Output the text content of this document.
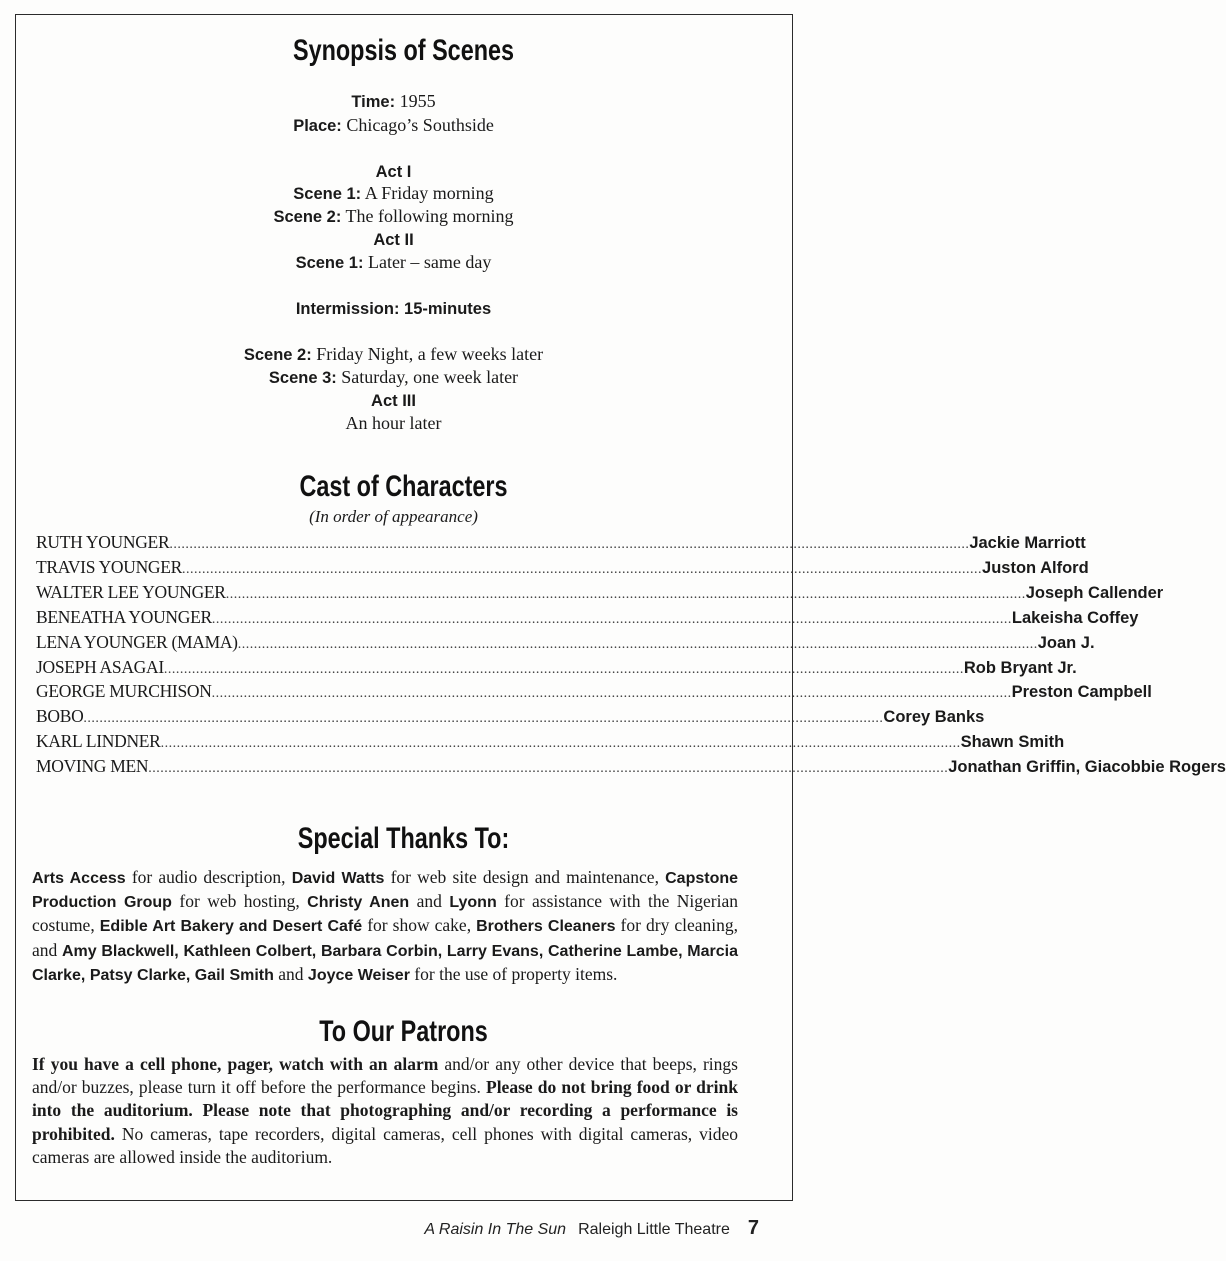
Synopsis of Scenes
Time: 1955
Place: Chicago’s Southside
Act I
Scene 1: A Friday morning
Scene 2: The following morning
Act II
Scene 1: Later – same day
Intermission: 15-minutes
Scene 2: Friday Night, a few weeks later
Scene 3: Saturday, one week later
Act III
An hour later
Cast of Characters
(In order of appearance)
RUTH YOUNGER ........................................................................................................................................................................................................ Jackie Marriott
TRAVIS YOUNGER ........................................................................................................................................................................................................ Juston Alford
WALTER LEE YOUNGER ........................................................................................................................................................................................................ Joseph Callender
BENEATHA YOUNGER ........................................................................................................................................................................................................ Lakeisha Coffey
LENA YOUNGER (MAMA) ........................................................................................................................................................................................................ Joan J.
JOSEPH ASAGAI ........................................................................................................................................................................................................ Rob Bryant Jr.
GEORGE MURCHISON ........................................................................................................................................................................................................ Preston Campbell
BOBO ........................................................................................................................................................................................................ Corey Banks
KARL LINDNER ........................................................................................................................................................................................................ Shawn Smith
MOVING MEN ........................................................................................................................................................................................................ Jonathan Griffin, Giacobbie Rogers
Special Thanks To:
Arts Access for audio description, David Watts for web site design and maintenance, Capstone Production Group for web hosting, Christy Anen and Lyonn for assistance with the Nigerian costume, Edible Art Bakery and Desert Café for show cake, Brothers Cleaners for dry cleaning, and Amy Blackwell, Kathleen Colbert, Barbara Corbin, Larry Evans, Catherine Lambe, Marcia Clarke, Patsy Clarke, Gail Smith and Joyce Weiser for the use of property items.
To Our Patrons
If you have a cell phone, pager, watch with an alarm and/or any other device that beeps, rings and/or buzzes, please turn it off before the performance begins. Please do not bring food or drink into the auditorium. Please note that photographing and/or recording a performance is prohibited. No cameras, tape recorders, digital cameras, cell phones with digital cameras, video cameras are allowed inside the auditorium.
A Raisin In The Sun Raleigh Little Theatre 7
